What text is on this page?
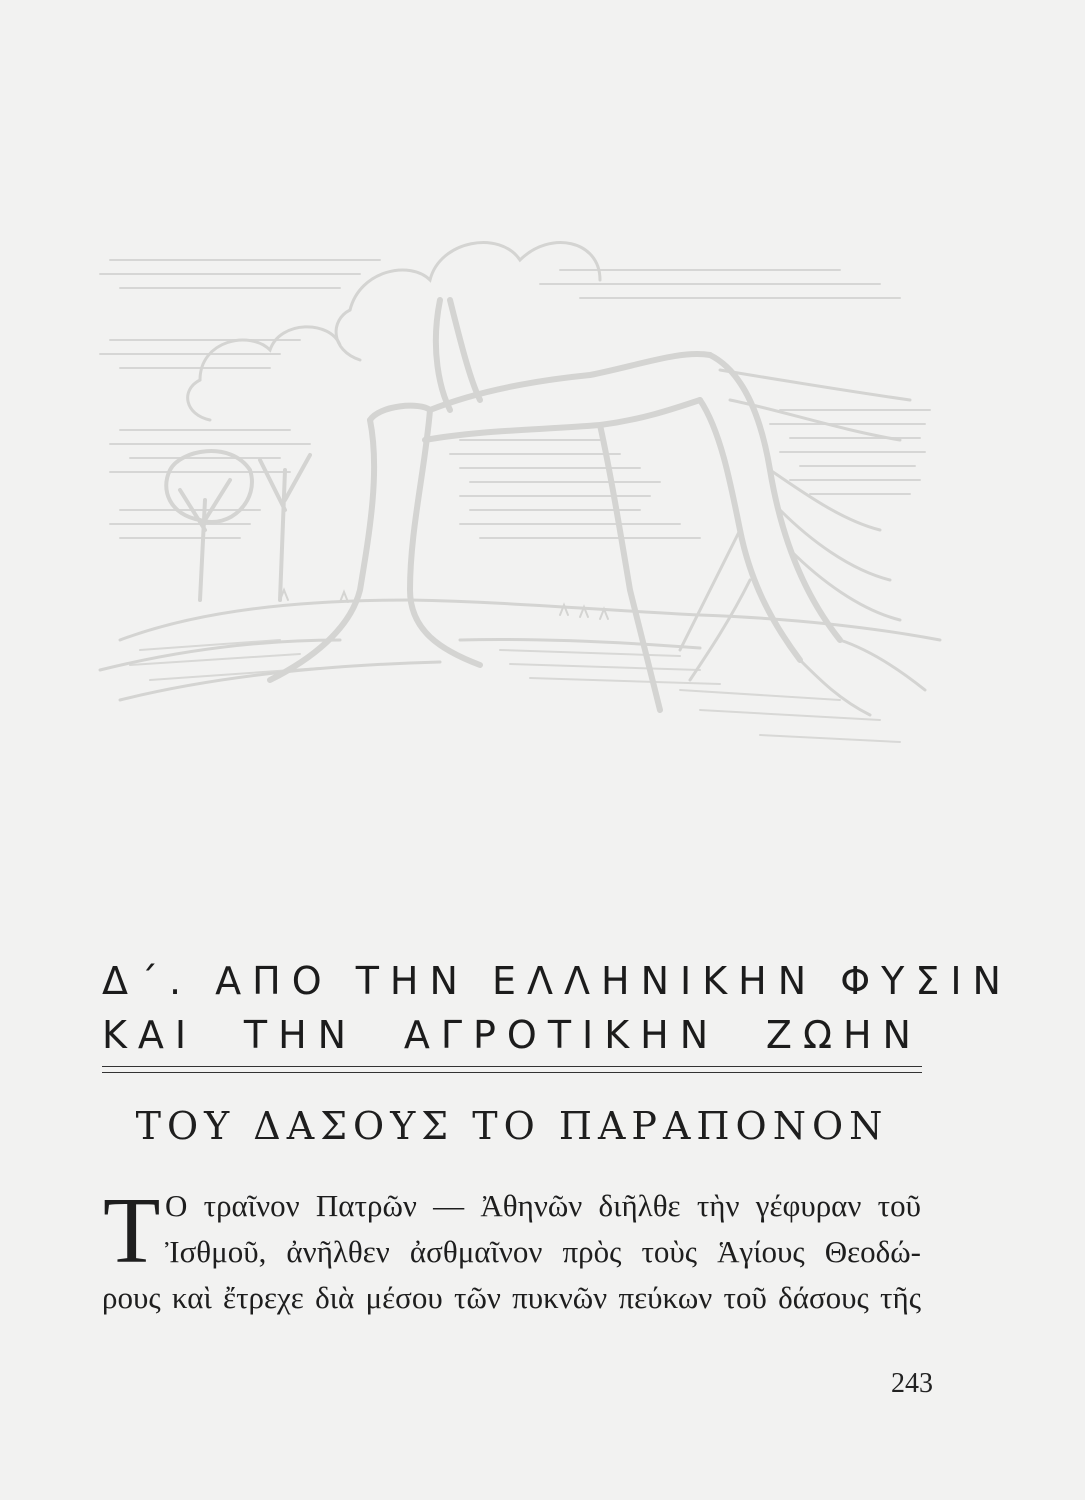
Δ΄. ΑΠΟ ΤΗΝ ΕΛΛΗΝΙΚΗΝ ΦΥΣΙΝ
ΚΑΙ ΤΗΝ ΑΓΡΟΤΙΚΗΝ ΖΩΗΝ
ΤΟΥ ΔΑΣΟΥΣ ΤΟ ΠΑΡΑΠΟΝΟΝ
Τ Ο τραῖνον Πατρῶν — Ἀθηνῶν διῆλθε τὴν γέφυραν τοῦ
Ἰσθμοῦ, ἀνῆλθεν ἀσθμαῖνον πρὸς τοὺς Ἁγίους Θεοδώ-
ρους καὶ ἔτρεχε διὰ μέσου τῶν πυκνῶν πεύκων τοῦ δάσους τῆς
243
